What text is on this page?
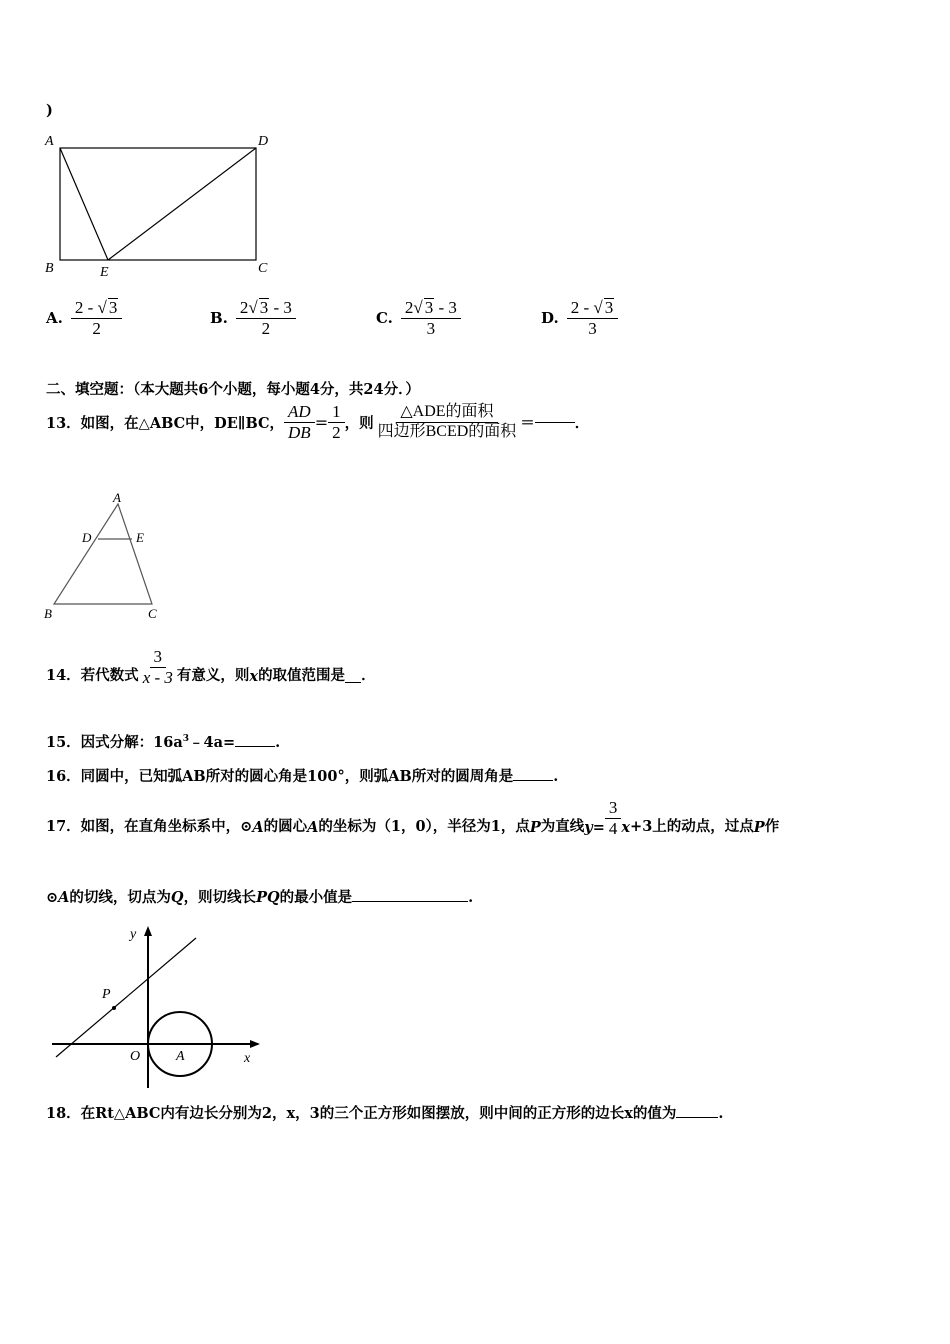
)
A	D
B	E	C
A. $\frac{2 - √ 3}{2}$	B. $\frac{2√ 3 - 3}{2}$	C. $\frac{2√ 3 - 3}{3}$	D. $\frac{2 - √ 3}{3}$
二、填空题：（本大题共6个小题，每小题4分，共24分．）
13．如图，在△ABC中，DE∥BC， $\frac{AD}{DB} = \frac{1}{2}$ ，则 $\frac{\text{△ADE的面积}}{\text{四边形BCED的面积}}$ ＝	．
A
D	E
B	C
14．若代数式 $\frac{3}{x - 3}$ 有意义，则 x 的取值范围是 ．
15．因式分解：$16a^3﹣4a=$	.
16．同圆中，已知弧AB所对的圆心角是100°，则弧AB所对的圆周角是	.
17．如图，在直角坐标系中，⊙ A 的圆心 A 的坐标为（1，0），半径为1，点 P 为直线 $y = \frac{3}{4}$ x +3上的动点，过点 P 作
⊙A的切线，切点为Q，则切线长PQ的最小值是	.
y
P
O	A	x
18．在Rt△ABC内有边长分别为2，x，3的三个正方形如图摆放，则中间的正方形的边长x的值为	.
